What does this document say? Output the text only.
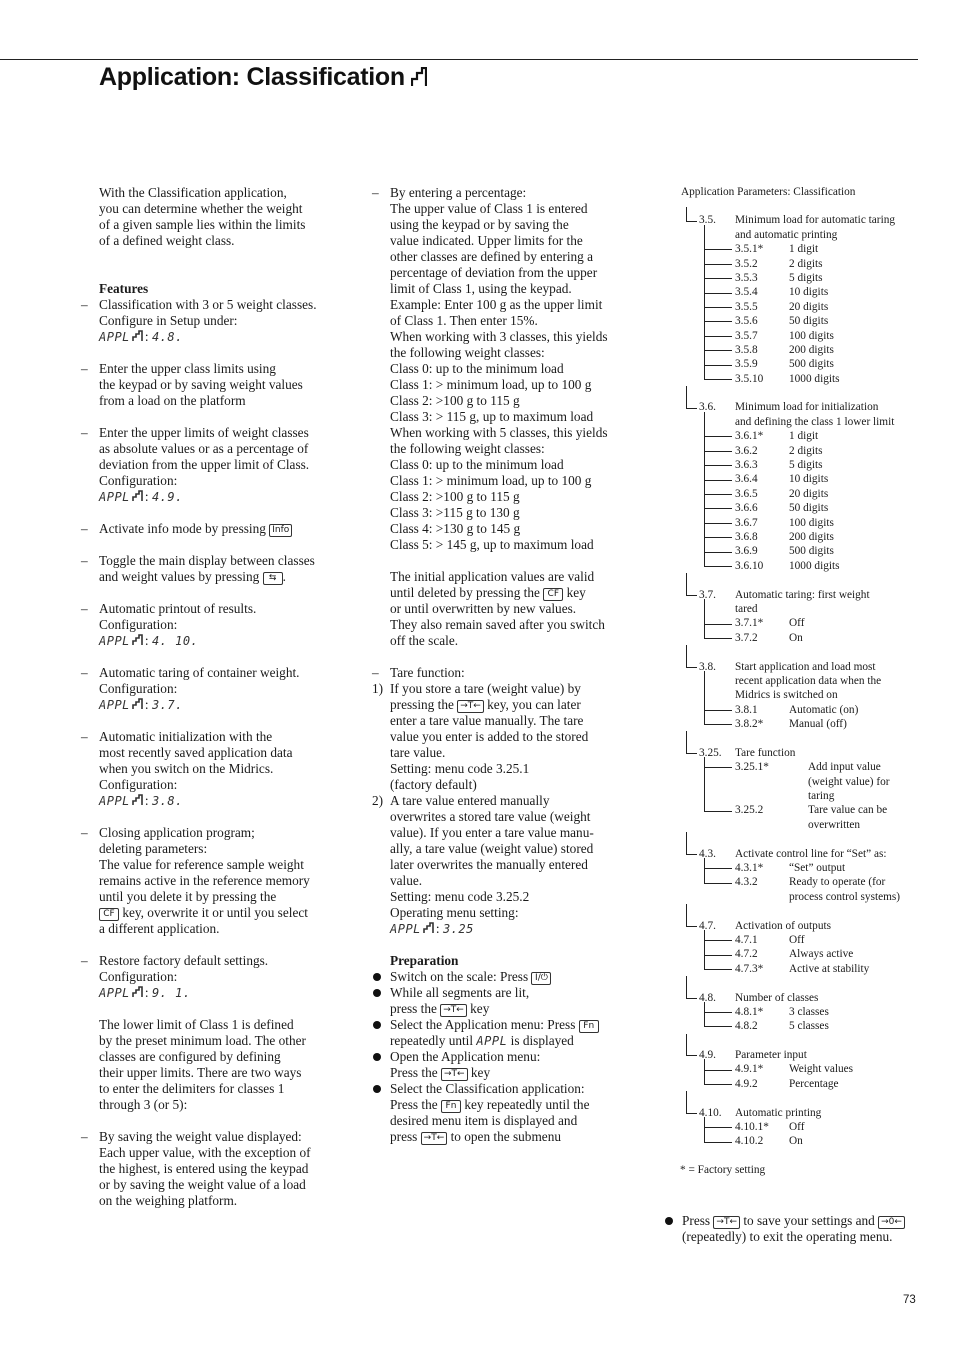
Application: Classification
With the Classification application,
you can determine whether the weight
of a given sample lies within the limits
of a defined weight class.
Features
– Classification with 3 or 5 weight classes.
Configure in Setup under:
APPL : 4.8.
– Enter the upper class limits using
the keypad or by saving weight values
from a load on the platform
– Enter the upper limits of weight classes
as absolute values or as a percentage of
deviation from the upper limit of Class.
Configuration:
APPL : 4.9.
– Activate info mode by pressing Info
– Toggle the main display between classes
and weight values by pressing ⇆ .
– Automatic printout of results.
Configuration:
APPL : 4. 10.
– Automatic taring of container weight.
Configuration:
APPL : 3.7.
– Automatic initialization with the
most recently saved application data
when you switch on the Midrics.
Configuration:
APPL : 3.8.
– Closing application program;
deleting parameters:
The value for reference sample weight
remains active in the reference memory
until you delete it by pressing the
CF key, overwrite it or until you select
a different application.
– Restore factory default settings.
Configuration:
APPL : 9. 1.
The lower limit of Class 1 is defined
by the preset minimum load. The other
classes are configured by defining
their upper limits. There are two ways
to enter the delimiters for classes 1
through 3 (or 5):
– By saving the weight value displayed:
Each upper value, with the exception of
the highest, is entered using the keypad
or by saving the weight value of a load
on the weighing platform.
– By entering a percentage:
The upper value of Class 1 is entered
using the keypad or by saving the
value indicated. Upper limits for the
other classes are defined by entering a
percentage of deviation from the upper
limit of Class 1, using the keypad.
Example: Enter 100 g as the upper limit
of Class 1. Then enter 15%.
When working with 3 classes, this yields
the following weight classes:
Class 0: up to the minimum load
Class 1: > minimum load, up to 100 g
Class 2: >100 g to 115 g
Class 3: > 115 g, up to maximum load
When working with 5 classes, this yields
the following weight classes:
Class 0: up to the minimum load
Class 1: > minimum load, up to 100 g
Class 2: >100 g to 115 g
Class 3: >115 g to 130 g
Class 4: >130 g to 145 g
Class 5: > 145 g, up to maximum load
The initial application values are valid
until deleted by pressing the CF key
or until overwritten by new values.
They also remain saved after you switch
off the scale.
– Tare function:
1) If you store a tare (weight value) by
pressing the →T← key, you can later
enter a tare value manually. The tare
value you enter is added to the stored
tare value.
Setting: menu code 3.25.1
(factory default)
2) A tare value entered manually
overwrites a stored tare value (weight
value). If you enter a tare value manu-
ally, a tare value (weight value) stored
later overwrites the manually entered
value.
Setting: menu code 3.25.2
Operating menu setting:
APPL : 3.25
Preparation
Switch on the scale: Press I/⏻
While all segments are lit,
press the →T← key
Select the Application menu: Press Fn
repeatedly until APPL is displayed
Open the Application menu:
Press the →T← key
Select the Classification application:
Press the Fn key repeatedly until the
desired menu item is displayed and
press →T← to open the submenu
Application Parameters: Classification
3.5. Minimum load for automatic taring
and automatic printing
3.5.1* 1 digit
3.5.2	2 digits
3.5.3	5 digits
3.5.4	10 digits
3.5.5	20 digits
3.5.6	50 digits
3.5.7	100 digits
3.5.8	200 digits
3.5.9	500 digits
3.5.10 1000 digits
3.6. Minimum load for initialization
and defining the class 1 lower limit
3.6.1* 1 digit
3.6.2	2 digits
3.6.3	5 digits
3.6.4	10 digits
3.6.5	20 digits
3.6.6	50 digits
3.6.7	100 digits
3.6.8	200 digits
3.6.9	500 digits
3.6.10 1000 digits
3.7. Automatic taring: first weight
tared
3.7.1* Off
3.7.2	On
3.8. Start application and load most
recent application data when the
Midrics is switched on
3.8.1	Automatic (on)
3.8.2* Manual (off)
3.25. Tare function
3.25.1*	Add input value
(weight value) for
taring
3.25.2	Tare value can be
overwritten
4.3. Activate control line for “Set” as:
4.3.1* “Set” output
4.3.2	Ready to operate (for
process control systems)
4.7. Activation of outputs
4.7.1	Off
4.7.2	Always active
4.7.3* Active at stability
4.8. Number of classes
4.8.1* 3 classes
4.8.2	5 classes
4.9. Parameter input
4.9.1* Weight values
4.9.2	Percentage
4.10. Automatic printing
4.10.1* Off
4.10.2 On
* = Factory setting
Press →T← to save your settings and →0←
(repeatedly) to exit the operating menu.
73
